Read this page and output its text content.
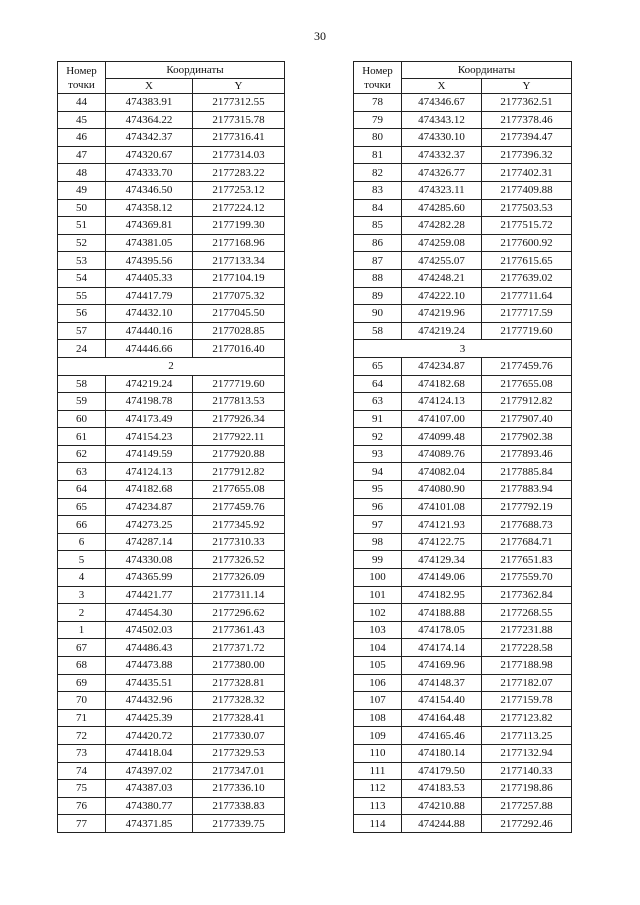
30
Номер
точки	Координаты	
	X	Y
44	474383.91	2177312.55
45	474364.22	2177315.78
46	474342.37	2177316.41
47	474320.67	2177314.03
48	474333.70	2177283.22
49	474346.50	2177253.12
50	474358.12	2177224.12
51	474369.81	2177199.30
52	474381.05	2177168.96
53	474395.56	2177133.34
54	474405.33	2177104.19
55	474417.79	2177075.32
56	474432.10	2177045.50
57	474440.16	2177028.85
24	474446.66	2177016.40
2		
58	474219.24	2177719.60
59	474198.78	2177813.53
60	474173.49	2177926.34
61	474154.23	2177922.11
62	474149.59	2177920.88
63	474124.13	2177912.82
64	474182.68	2177655.08
65	474234.87	2177459.76
66	474273.25	2177345.92
6	474287.14	2177310.33
5	474330.08	2177326.52
4	474365.99	2177326.09
3	474421.77	2177311.14
2	474454.30	2177296.62
1	474502.03	2177361.43
67	474486.43	2177371.72
68	474473.88	2177380.00
69	474435.51	2177328.81
70	474432.96	2177328.32
71	474425.39	2177328.41
72	474420.72	2177330.07
73	474418.04	2177329.53
74	474397.02	2177347.01
75	474387.03	2177336.10
76	474380.77	2177338.83
77	474371.85	2177339.75
Номер
точки	Координаты	
	X	Y
78	474346.67	2177362.51
79	474343.12	2177378.46
80	474330.10	2177394.47
81	474332.37	2177396.32
82	474326.77	2177402.31
83	474323.11	2177409.88
84	474285.60	2177503.53
85	474282.28	2177515.72
86	474259.08	2177600.92
87	474255.07	2177615.65
88	474248.21	2177639.02
89	474222.10	2177711.64
90	474219.96	2177717.59
58	474219.24	2177719.60
3		
65	474234.87	2177459.76
64	474182.68	2177655.08
63	474124.13	2177912.82
91	474107.00	2177907.40
92	474099.48	2177902.38
93	474089.76	2177893.46
94	474082.04	2177885.84
95	474080.90	2177883.94
96	474101.08	2177792.19
97	474121.93	2177688.73
98	474122.75	2177684.71
99	474129.34	2177651.83
100	474149.06	2177559.70
101	474182.95	2177362.84
102	474188.88	2177268.55
103	474178.05	2177231.88
104	474174.14	2177228.58
105	474169.96	2177188.98
106	474148.37	2177182.07
107	474154.40	2177159.78
108	474164.48	2177123.82
109	474165.46	2177113.25
110	474180.14	2177132.94
111	474179.50	2177140.33
112	474183.53	2177198.86
113	474210.88	2177257.88
114	474244.88	2177292.46
